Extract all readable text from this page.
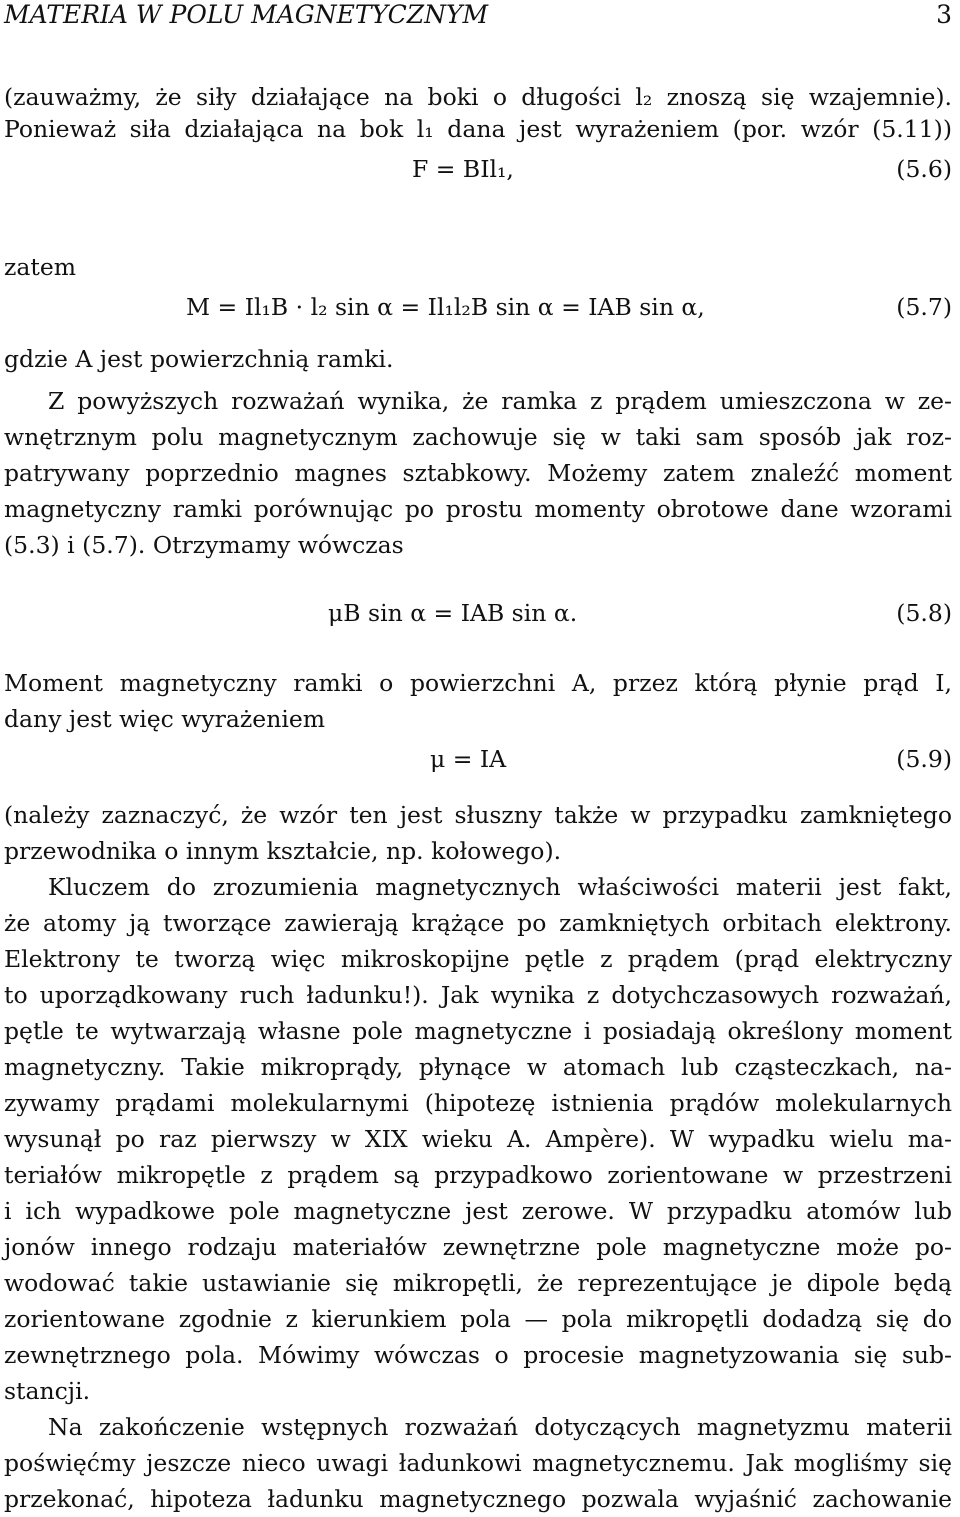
MATERIA W POLU MAGNETYCZNYM	3
(zauważmy, że siły działające na boki o długości l₂ znoszą się wzajemnie).
Ponieważ siła działająca na bok l₁ dana jest wyrażeniem (por. wzór (5.11))
F = BIl₁,	(5.6)
zatem
M = Il₁B · l₂ sin α = Il₁l₂B sin α = IAB sin α,	(5.7)
gdzie A jest powierzchnią ramki.
Z powyższych rozważań wynika, że ramka z prądem umieszczona w ze-
wnętrznym polu magnetycznym zachowuje się w taki sam sposób jak roz-
patrywany poprzednio magnes sztabkowy. Możemy zatem znaleźć moment
magnetyczny ramki porównując po prostu momenty obrotowe dane wzorami
(5.3) i (5.7). Otrzymamy wówczas
μB sin α = IAB sin α.	(5.8)
Moment magnetyczny ramki o powierzchni A, przez którą płynie prąd I,
dany jest więc wyrażeniem
μ = IA	(5.9)
(należy zaznaczyć, że wzór ten jest słuszny także w przypadku zamkniętego
przewodnika o innym kształcie, np. kołowego).
Kluczem do zrozumienia magnetycznych właściwości materii jest fakt,
że atomy ją tworzące zawierają krążące po zamkniętych orbitach elektrony.
Elektrony te tworzą więc mikroskopijne pętle z prądem (prąd elektryczny
to uporządkowany ruch ładunku!). Jak wynika z dotychczasowych rozważań,
pętle te wytwarzają własne pole magnetyczne i posiadają określony moment
magnetyczny. Takie mikroprądy, płynące w atomach lub cząsteczkach, na-
zywamy prądami molekularnymi (hipotezę istnienia prądów molekularnych
wysunął po raz pierwszy w XIX wieku A. Ampère). W wypadku wielu ma-
teriałów mikropętle z prądem są przypadkowo zorientowane w przestrzeni
i ich wypadkowe pole magnetyczne jest zerowe. W przypadku atomów lub
jonów innego rodzaju materiałów zewnętrzne pole magnetyczne może po-
wodować takie ustawianie się mikropętli, że reprezentujące je dipole będą
zorientowane zgodnie z kierunkiem pola — pola mikropętli dodadzą się do
zewnętrznego pola. Mówimy wówczas o procesie magnetyzowania się sub-
stancji.
Na zakończenie wstępnych rozważań dotyczących magnetyzmu materii
poświęćmy jeszcze nieco uwagi ładunkowi magnetycznemu. Jak mogliśmy się
przekonać, hipoteza ładunku magnetycznego pozwala wyjaśnić zachowanie
